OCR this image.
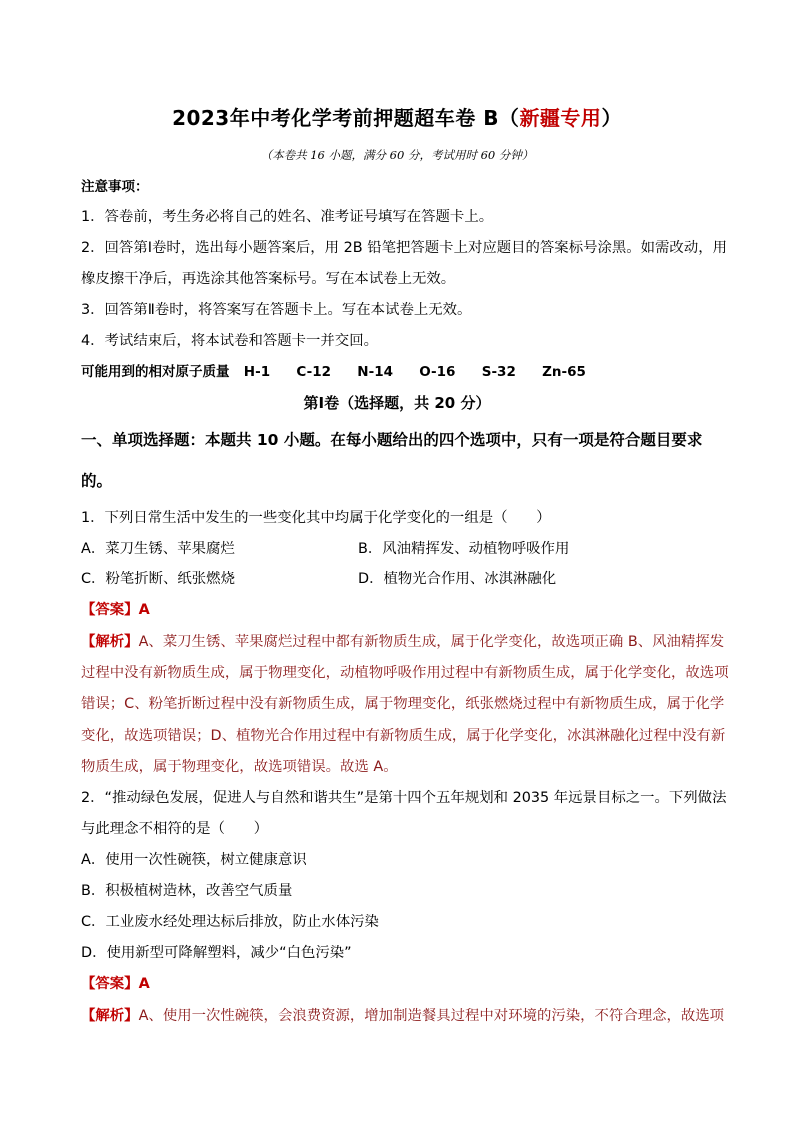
2023年中考化学考前押题超车卷 B（新疆专用）
（本卷共 16 小题，满分 60 分，考试用时 60 分钟）
注意事项：
1．答卷前，考生务必将自己的姓名、准考证号填写在答题卡上。
2．回答第Ⅰ卷时，选出每小题答案后，用 2B 铅笔把答题卡上对应题目的答案标号涂黑。如需改动，用
橡皮擦干净后，再选涂其他答案标号。写在本试卷上无效。
3．回答第Ⅱ卷时，将答案写在答题卡上。写在本试卷上无效。
4．考试结束后，将本试卷和答题卡一并交回。
可能用到的相对原子质量 H-1 C-12 N-14 O-16 S-32 Zn-65
第Ⅰ卷（选择题，共 20 分）
一、单项选择题：本题共 10 小题。在每小题给出的四个选项中，只有一项是符合题目要求
的。
1．下列日常生活中发生的一些变化其中均属于化学变化的一组是（　　）
A．菜刀生锈、苹果腐烂	B．风油精挥发、动植物呼吸作用
C．粉笔折断、纸张燃烧	D．植物光合作用、冰淇淋融化
【答案】A
【解析】A、菜刀生锈、苹果腐烂过程中都有新物质生成，属于化学变化，故选项正确 B、风油精挥发
过程中没有新物质生成，属于物理变化，动植物呼吸作用过程中有新物质生成，属于化学变化，故选项
错误；C、粉笔折断过程中没有新物质生成，属于物理变化，纸张燃烧过程中有新物质生成，属于化学
变化，故选项错误；D、植物光合作用过程中有新物质生成，属于化学变化，冰淇淋融化过程中没有新
物质生成，属于物理变化，故选项错误。故选 A。
2．“推动绿色发展，促进人与自然和谐共生”是第十四个五年规划和 2035 年远景目标之一。下列做法
与此理念不相符的是（　　）
A．使用一次性碗筷，树立健康意识
B．积极植树造林，改善空气质量
C．工业废水经处理达标后排放，防止水体污染
D．使用新型可降解塑料，减少“白色污染”
【答案】A
【解析】A、使用一次性碗筷，会浪费资源，增加制造餐具过程中对环境的污染，不符合理念，故选项
